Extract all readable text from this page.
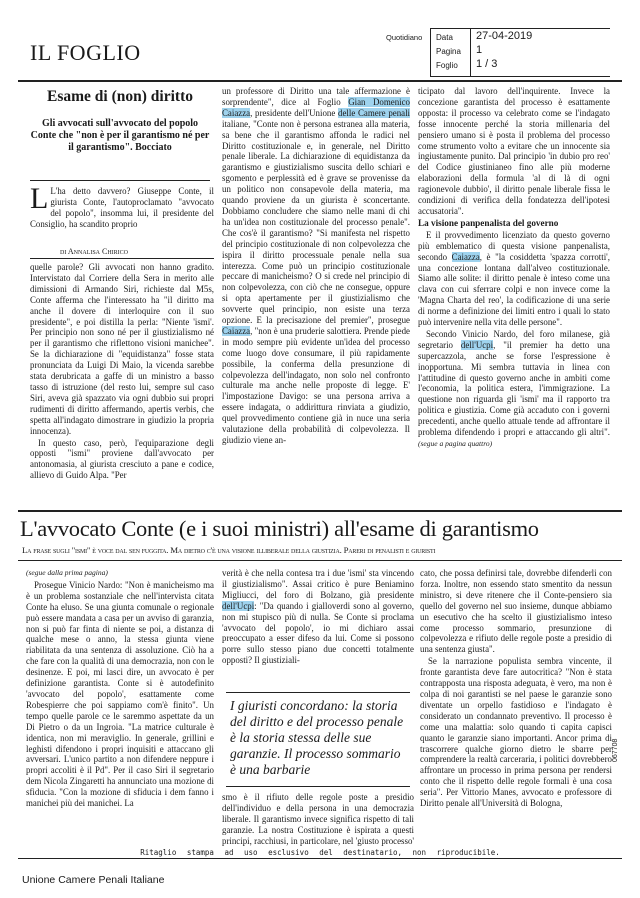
IL FOGLIO
Quotidiano Data 27-04-2019
Pagina 1
Foglio 1 / 3
Esame di (non) diritto
Gli avvocati sull'avvocato del popolo Conte che "non è per il garantismo né per il garantismo". Bocciato

L L'ha detto davvero? Giuseppe Conte, il giurista Conte, l'autoproclamato "avvocato del popolo", insomma lui, il presidente del Consiglio, ha scandito proprio

di Annalisa Chirico

quelle parole? Gli avvocati non hanno gradito. Intervistato dal Corriere della Sera in merito alle dimissioni di Armando Siri, richieste dal M5s, Conte afferma che l'interessato ha "il diritto ma anche il dovere di interloquire con il suo presidente", e poi distilla la perla: "Niente 'ismi'. Per principio non sono né per il giustizialismo né per il garantismo che riflettono visioni manichee". Se la dichiarazione di "equidistanza" fosse stata pronunciata da Luigi Di Maio, la vicenda sarebbe stata derubricata a gaffe di un ministro a basso tasso di istruzione (del resto lui, sempre sul caso Siri, aveva già spazzato via ogni dubbio sui propri rudimenti di diritto affermando, apertis verbis, che spetta all'indagato dimostrare in giudizio la propria innocenza).

In questo caso, però, l'equiparazione degli opposti "ismi" proviene dall'avvocato per antonomasia, al giurista cresciuto a pane e codice, allievo di Guido Alpa. "Per

un professore di Diritto una tale affermazione è sorprendente", dice al Foglio Gian Domenico Caiazza, presidente dell'Unione delle Camere penali italiane, "Conte non è persona estranea alla materia, sa bene che il garantismo affonda le radici nel Diritto costituzionale e, in generale, nel Diritto penale liberale. La dichiarazione di equidistanza da garantismo e giustizialismo suscita dello schiarì e sgomento e perplessità ed è grave se provenisse da un politico non consapevole della materia, ma quando proviene da un giurista è sconcertante. Dobbiamo concludere che siamo nelle mani di chi ha un'idea non costituzionale del processo penale". Che cos'è il garantismo? "Si manifesta nel rispetto del principio costituzionale di non colpevolezza che ispira il diritto processuale penale nella sua interezza. Come può un principio costituzionale peccare di manicheismo? O si crede nel principio di non colpevolezza, con ciò che ne consegue, oppure si opta apertamente per il giustizialismo che sovverte quel principio, non esiste una terza opzione. E la precisazione del premier", prosegue Caiazza, "non è una pruderie salottiera. Prende piede in modo sempre più evidente un'idea del processo come luogo dove consumare, il più rapidamente possibile, la conferma della presunzione di colpevolezza dell'indagato, non solo nel confronto culturale ma anche nelle proposte di legge. E' l'impostazione Davigo: se una persona arriva a essere indagata, o addirittura rinviata a giudizio, quel provvedimento contiene già in nuce una seria valutazione della probabilità di colpevolezza. Il giudizio viene an-

ticipato dal lavoro dell'inquirente. Invece la concezione garantista del processo è esattamente opposta: il processo va celebrato come se l'indagato fosse innocente perché la storia millenaria del pensiero umano si è posta il problema del processo come strumento volto a evitare che un innocente sia ingiustamente punito. Dal principio 'in dubio pro reo' del Codice giustinianeo fino alle più moderne elaborazioni della formula 'al di là di ogni ragionevole dubbio', il diritto penale liberale fissa le condizioni di verifica della fondatezza dell'ipotesi accusatoria".

La visione panpenalista del governo

E il provvedimento licenziato da questo governo più emblematico di questa visione panpenalista, secondo Caiazza, è "la cosiddetta 'spazza corrotti', una concezione lontana dall'alveo costituzionale. Siamo alle solite: il diritto penale è inteso come una clava con cui sferrare colpi e non invece come la 'Magna Charta del reo', la codificazione di una serie di norme a definizione dei limiti entro i quali lo stato può intervenire nella vita delle persone".

Secondo Vinicio Nardo, del foro milanese, già segretario dell'Ucpi, "il premier ha detto una supercazzola, anche se forse l'espressione è inopportuna. Mi sembra tuttavia in linea con l'attitudine di questo governo anche in ambiti come l'economia, la politica estera, l'immigrazione. La questione non riguarda gli 'ismi' ma il rapporto tra politica e giustizia. Come già accaduto con i governi precedenti, anche quello attuale tende ad affrontare il problema difendendo i propri e attaccando gli altri". (segue a pagina quattro)

L'avvocato Conte (e i suoi ministri) all'esame di garantismo
La frase sugli "ismi" è voce dal sen fuggita. Ma dietro c'è una visione illiberale della giustizia. Pareri di penalisti e giuristi

(segue dalla prima pagina)

Prosegue Vinicio Nardo: "Non è manicheismo ma è un problema sostanziale che nell'intervista citata Conte ha eluso. Se una giunta comunale o regionale può essere mandata a casa per un avviso di garanzia, non si può far finta di niente se poi, a distanza di qualche mese o anno, la stessa giunta viene riabilitata da una sentenza di assoluzione. Ciò ha a che fare con la qualità di una democrazia, non con le desinenze. E poi, mi lasci dire, un avvocato è per definizione garantista. Conte si è autodefinito 'avvocato del popolo', esattamente come Robespierre che poi sappiamo com'è finito". Un tempo quelle parole ce le saremmo aspettate da un Di Pietro o da un Ingroia. "La matrice culturale è identica, non mi meraviglio. In generale, grillini e leghisti difendono i propri inquisiti e attaccano gli avversari. L'unico partito a non difendere neppure i propri accoliti è il Pd". Per il caso Siri il segretario dem Nicola Zingaretti ha annunciato una mozione di sfiducia. "Con la mozione di sfiducia i dem fanno i manichei più dei manichei. La

verità è che nella contesa tra i due 'ismi' sta vincendo il giustizialismo". Assai critico è pure Beniamino Migliucci, del foro di Bolzano, già presidente dell'Ucpi: "Da quando i gialloverdi sono al governo, non mi stupisco più di nulla. Se Conte si proclama 'avvocato del popolo', io mi dichiaro assai preoccupato a esser difeso da lui. Come si possono porre sullo stesso piano due concetti totalmente opposti? Il giustiziali-

I giuristi concordano: la storia del diritto e del processo penale è la storia stessa delle sue garanzie. Il processo sommario è una barbarie

smo è il rifiuto delle regole poste a presidio dell'individuo e della persona in una democrazia liberale. Il garantismo invece significa rispetto di tali garanzie. La nostra Costituzione è ispirata a questi principi, racchiusi, in particolare, nel 'giusto processo'

cato, che possa definirsi tale, dovrebbe difenderli con forza. Inoltre, non essendo stato smentito da nessun ministro, si deve ritenere che il Conte-pensiero sia quello del governo nel suo insieme, dunque abbiamo un esecutivo che ha scelto il giustizialismo inteso come processo sommario, presunzione di colpevolezza e rifiuto delle regole poste a presidio di una sentenza giusta".

Se la narrazione populista sembra vincente, il fronte garantista deve fare autocritica? "Non è stata contrapposta una risposta adeguata, è vero, ma non è colpa di noi garantisti se nel paese le garanzie sono diventate un orpello fastidioso e l'indagato è considerato un condannato preventivo. Il processo è come una malattia: solo quando ti capita capisci quanto le garanzie siano importanti. Ancor prima di trascorrere qualche giorno dietro le sbarre per comprendere la realtà carceraria, i politici dovrebbero affrontare un processo in prima persona per rendersi conto che il rispetto delle regole formali è una cosa seria". Per Vittorio Manes, avvocato e professore di Diritto penale all'Università di Bologna,

Ritaglio stampa ad uso esclusivo del destinatario, non riproducibile.
067708
Unione Camere Penali Italiane
